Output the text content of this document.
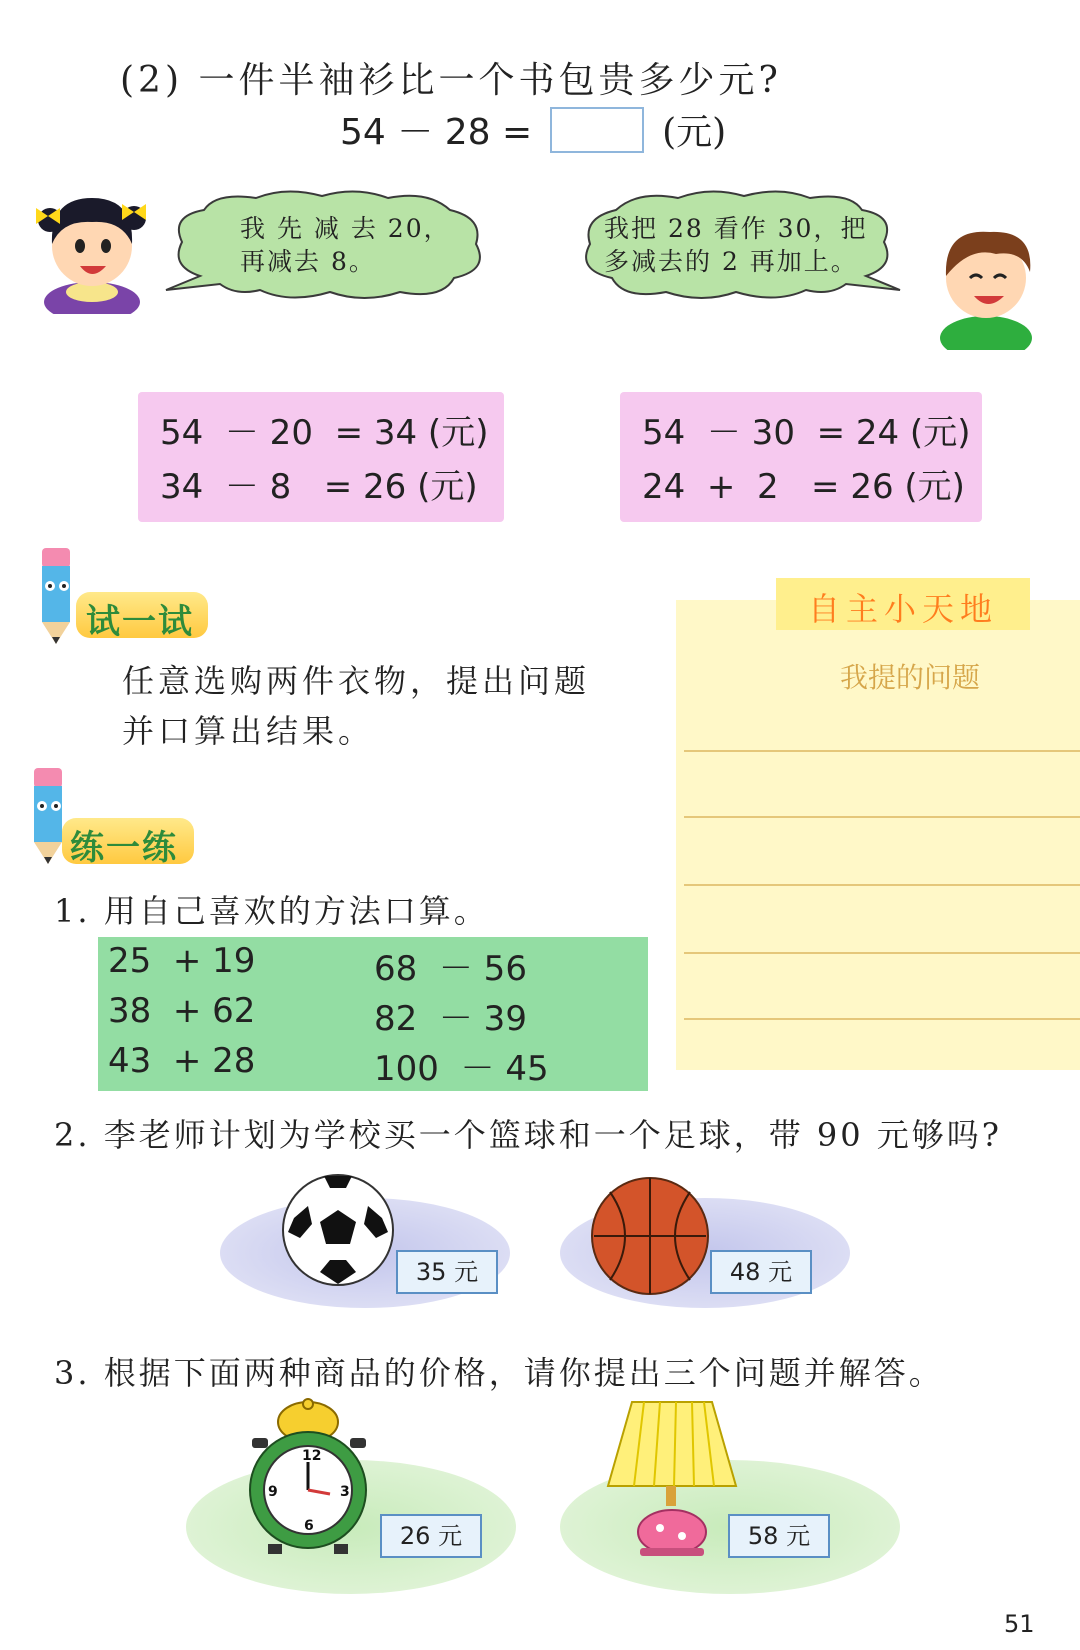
(2) 一件半袖衫比一个书包贵多少元?
54 － 28 =	(元)
我 先 减 去 20，
再减去 8。
我把 28 看作 30，把
多减去的 2 再加上。
54  － 20  = 34 (元)
34  － 8   = 26 (元)
54  － 30  = 24 (元)
24  +  2   = 26 (元)
试一试
任意选购两件衣物，提出问题并口算出结果。
自主小天地
我提的问题
练一练
1. 用自己喜欢的方法口算。
25  + 19	68  － 56
38  + 62	82  － 39
43  + 28	100  － 45
2. 李老师计划为学校买一个篮球和一个足球，带 90 元够吗?
35 元	48 元
3. 根据下面两种商品的价格，请你提出三个问题并解答。
12
3
6
9
26 元	58 元
51
